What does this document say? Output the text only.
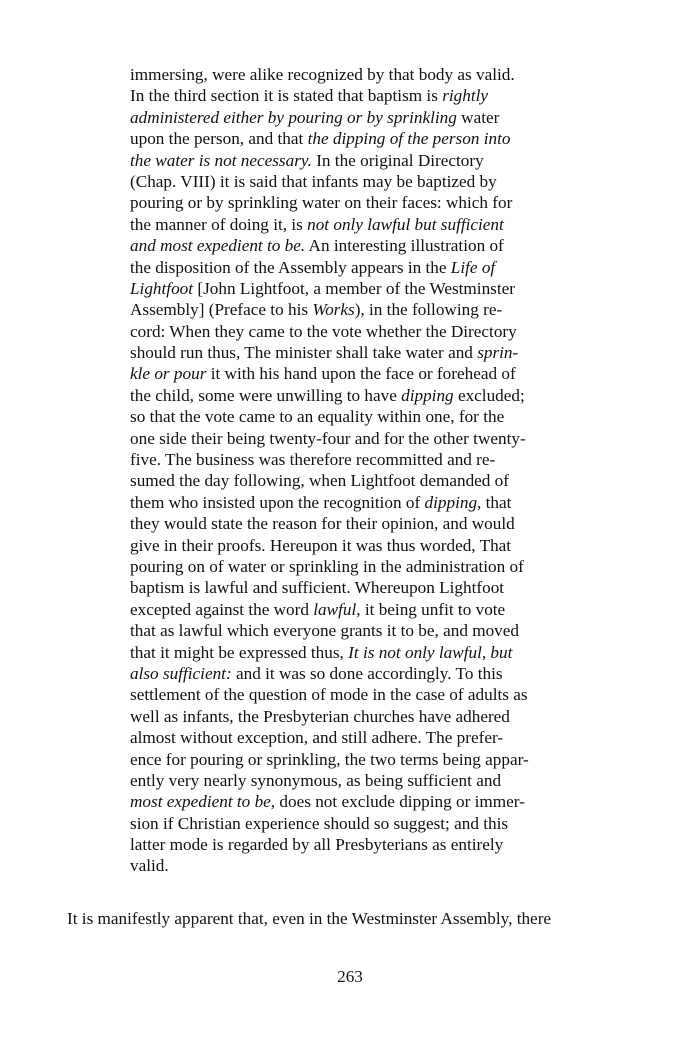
immersing, were alike recognized by that body as valid.
In the third section it is stated that baptism is rightly
administered either by pouring or by sprinkling water
upon the person, and that the dipping of the person into
the water is not necessary. In the original Directory
(Chap. VIII) it is said that infants may be baptized by
pouring or by sprinkling water on their faces: which for
the manner of doing it, is not only lawful but sufficient
and most expedient to be. An interesting illustration of
the disposition of the Assembly appears in the Life of
Lightfoot [John Lightfoot, a member of the Westminster
Assembly] (Preface to his Works), in the following re-
cord: When they came to the vote whether the Directory
should run thus, The minister shall take water and sprin-
kle or pour it with his hand upon the face or forehead of
the child, some were unwilling to have dipping excluded;
so that the vote came to an equality within one, for the
one side their being twenty-four and for the other twenty-
five. The business was therefore recommitted and re-
sumed the day following, when Lightfoot demanded of
them who insisted upon the recognition of dipping, that
they would state the reason for their opinion, and would
give in their proofs. Hereupon it was thus worded, That
pouring on of water or sprinkling in the administration of
baptism is lawful and sufficient. Whereupon Lightfoot
excepted against the word lawful, it being unfit to vote
that as lawful which everyone grants it to be, and moved
that it might be expressed thus, It is not only lawful, but
also sufficient: and it was so done accordingly. To this
settlement of the question of mode in the case of adults as
well as infants, the Presbyterian churches have adhered
almost without exception, and still adhere. The prefer-
ence for pouring or sprinkling, the two terms being appar-
ently very nearly synonymous, as being sufficient and
most expedient to be, does not exclude dipping or immer-
sion if Christian experience should so suggest; and this
latter mode is regarded by all Presbyterians as entirely
valid.
It is manifestly apparent that, even in the Westminster Assembly, there
263
